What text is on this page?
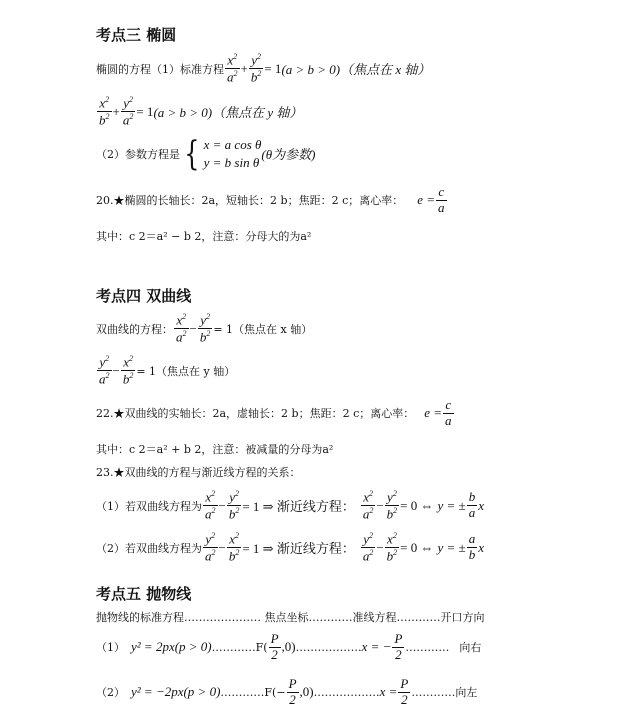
考点三 椭圆
椭圆的方程（1）标准方程 $\frac{x^2}{a^2} + \frac{y^2}{b^2} = 1$ (a > b > 0)（焦点在 x 轴）
$\frac{x^2}{b^2} + \frac{y^2}{a^2} = 1$ (a > b > 0)（焦点在 y 轴）
（2）参数方程是 { x = a cos θ
y = b sin θ (θ为参数)
20.★椭圆的长轴长：2a，短轴长：2 b；焦距：2 c；离心率： $e = \frac{c}{a}$
其中：c 2＝a² − b 2，注意：分母大的为a²
考点四 双曲线
双曲线的方程： $\frac{x^2}{a^2} - \frac{y^2}{b^2} = 1$（焦点在 x 轴）
$\frac{y^2}{a^2} - \frac{x^2}{b^2} = 1$（焦点在 y 轴）
22.★双曲线的实轴长：2a，虚轴长：2 b；焦距：2 c；离心率： $e = \frac{c}{a}$
其中：c 2＝a² + b 2，注意：被减量的分母为a²
23.★双曲线的方程与渐近线方程的关系：
（1）若双曲线方程为 $\frac{x^2}{a^2} - \frac{y^2}{b^2} = 1$ ⇒ 渐近线方程： $\frac{x^2}{a^2} - \frac{y^2}{b^2} = 0$ ⇔ y = ± $\frac{b}{a}$ x
（2）若双曲线方程为 $\frac{y^2}{a^2} - \frac{x^2}{b^2} = 1$ ⇒ 渐近线方程： $\frac{y^2}{a^2} - \frac{x^2}{b^2} = 0$ ⇔ y = ± $\frac{a}{b}$ x
考点五 抛物线
抛物线的标准方程………………… 焦点坐标…………准线方程…………开口方向
（1） y² = 2px(p > 0) …………F( $\frac{P}{2} ,0$) ……………… x = − $\frac{P}{2}$ ………… 向右
（2） y² = −2px(p > 0) …………F(− $\frac{P}{2} ,0$) ……………… $x = \frac{P}{2}$ ………… 向左
